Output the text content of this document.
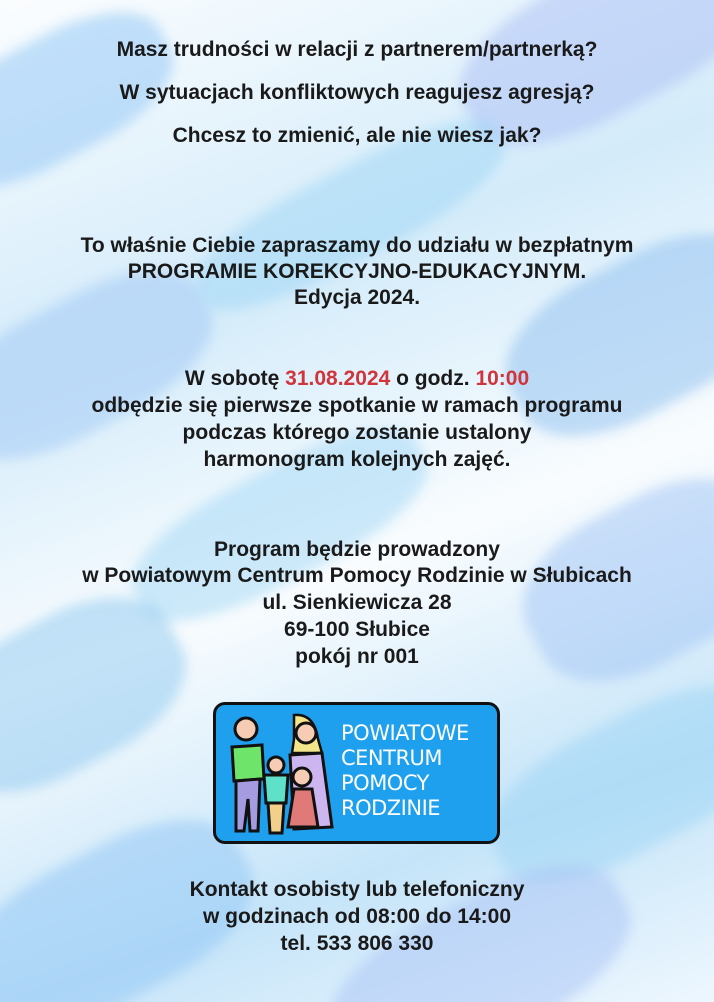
Masz trudności w relacji z partnerem/partnerką?
W sytuacjach konfliktowych reagujesz agresją?
Chcesz to zmienić, ale nie wiesz jak?
To właśnie Ciebie zapraszamy do udziału w bezpłatnym
PROGRAMIE KOREKCYJNO-EDUKACYJNYM.
Edycja 2024.
W sobotę 31.08.2024 o godz. 10:00
odbędzie się pierwsze spotkanie w ramach programu
podczas którego zostanie ustalony
harmonogram kolejnych zajęć.
Program będzie prowadzony
w Powiatowym Centrum Pomocy Rodzinie w Słubicach
ul. Sienkiewicza 28
69-100 Słubice
pokój nr 001
POWIATOWE
CENTRUM
POMOCY
RODZINIE
Kontakt osobisty lub telefoniczny
w godzinach od 08:00 do 14:00
tel. 533 806 330
